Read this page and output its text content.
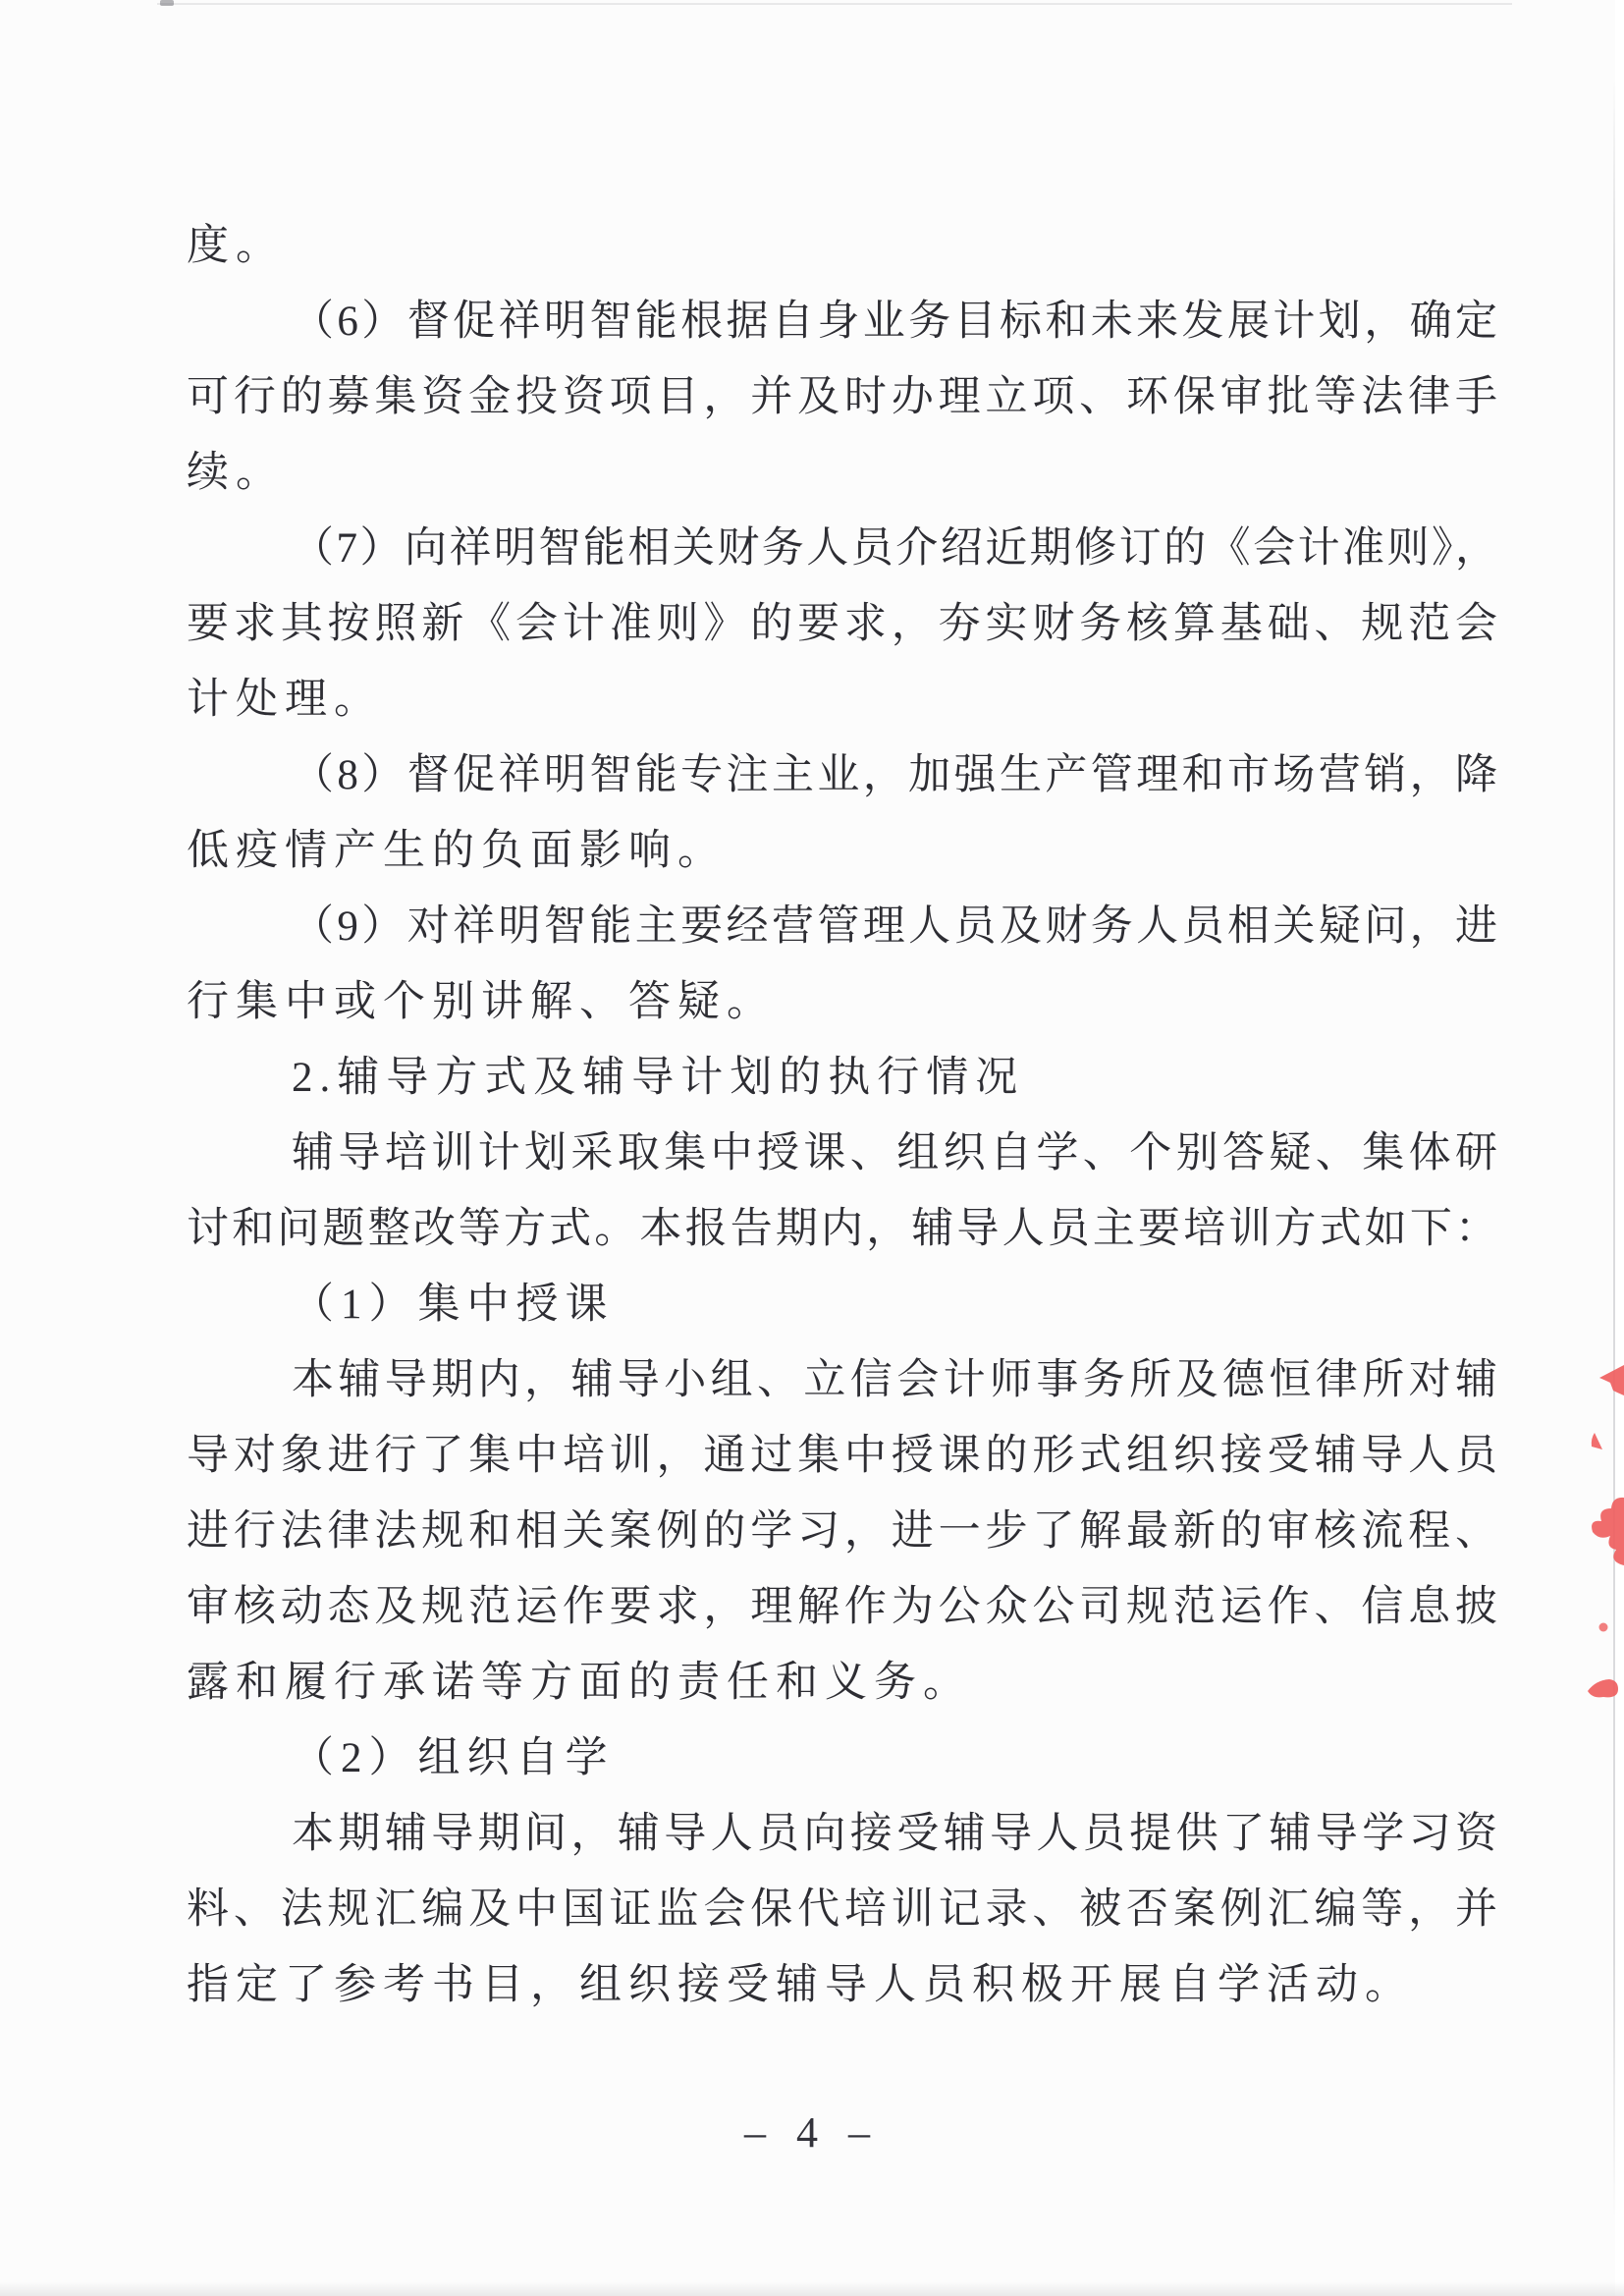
度。
（6）督促祥明智能根据自身业务目标和未来发展计划，确定
可行的募集资金投资项目，并及时办理立项、环保审批等法律手
续。
（7）向祥明智能相关财务人员介绍近期修订的《会计准则》，
要求其按照新《会计准则》的要求，夯实财务核算基础、规范会
计处理。
（8）督促祥明智能专注主业，加强生产管理和市场营销，降
低疫情产生的负面影响。
（9）对祥明智能主要经营管理人员及财务人员相关疑问，进
行集中或个别讲解、答疑。
2.辅导方式及辅导计划的执行情况
辅导培训计划采取集中授课、组织自学、个别答疑、集体研
讨和问题整改等方式。本报告期内，辅导人员主要培训方式如下：
（1）集中授课
本辅导期内，辅导小组、立信会计师事务所及德恒律所对辅
导对象进行了集中培训，通过集中授课的形式组织接受辅导人员
进行法律法规和相关案例的学习，进一步了解最新的审核流程、
审核动态及规范运作要求，理解作为公众公司规范运作、信息披
露和履行承诺等方面的责任和义务。
（2）组织自学
本期辅导期间，辅导人员向接受辅导人员提供了辅导学习资
料、法规汇编及中国证监会保代培训记录、被否案例汇编等，并
指定了参考书目，组织接受辅导人员积极开展自学活动。
– 4 –
